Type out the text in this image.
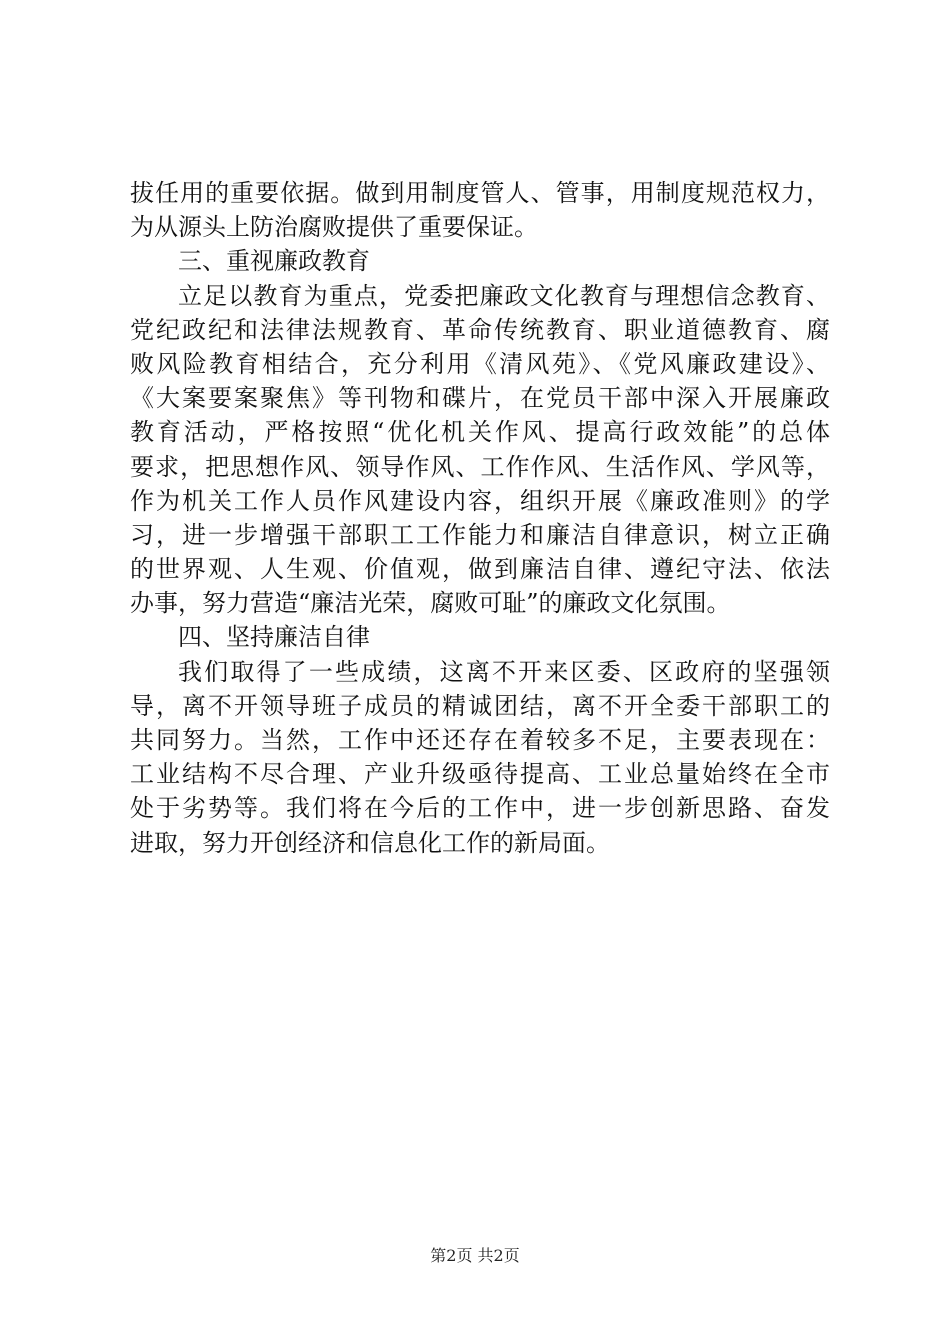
拔任用的重要依据。做到用制度管人、管事，用制度规范权力，
为从源头上防治腐败提供了重要保证。
三、重视廉政教育
立足以教育为重点，党委把廉政文化教育与理想信念教育、
党纪政纪和法律法规教育、革命传统教育、职业道德教育、腐
败风险教育相结合，充分利用《清风苑》、《党风廉政建设》、
《大案要案聚焦》等刊物和碟片，在党员干部中深入开展廉政
教育活动，严格按照“优化机关作风、提高行政效能”的总体
要求，把思想作风、领导作风、工作作风、生活作风、学风等，
作为机关工作人员作风建设内容，组织开展《廉政准则》的学
习，进一步增强干部职工工作能力和廉洁自律意识，树立正确
的世界观、人生观、价值观，做到廉洁自律、遵纪守法、依法
办事，努力营造“廉洁光荣，腐败可耻”的廉政文化氛围。
四、坚持廉洁自律
我们取得了一些成绩，这离不开来区委、区政府的坚强领
导，离不开领导班子成员的精诚团结，离不开全委干部职工的
共同努力。当然，工作中还还存在着较多不足，主要表现在：
工业结构不尽合理、产业升级亟待提高、工业总量始终在全市
处于劣势等。我们将在今后的工作中，进一步创新思路、奋发
进取，努力开创经济和信息化工作的新局面。
第2页 共2页
